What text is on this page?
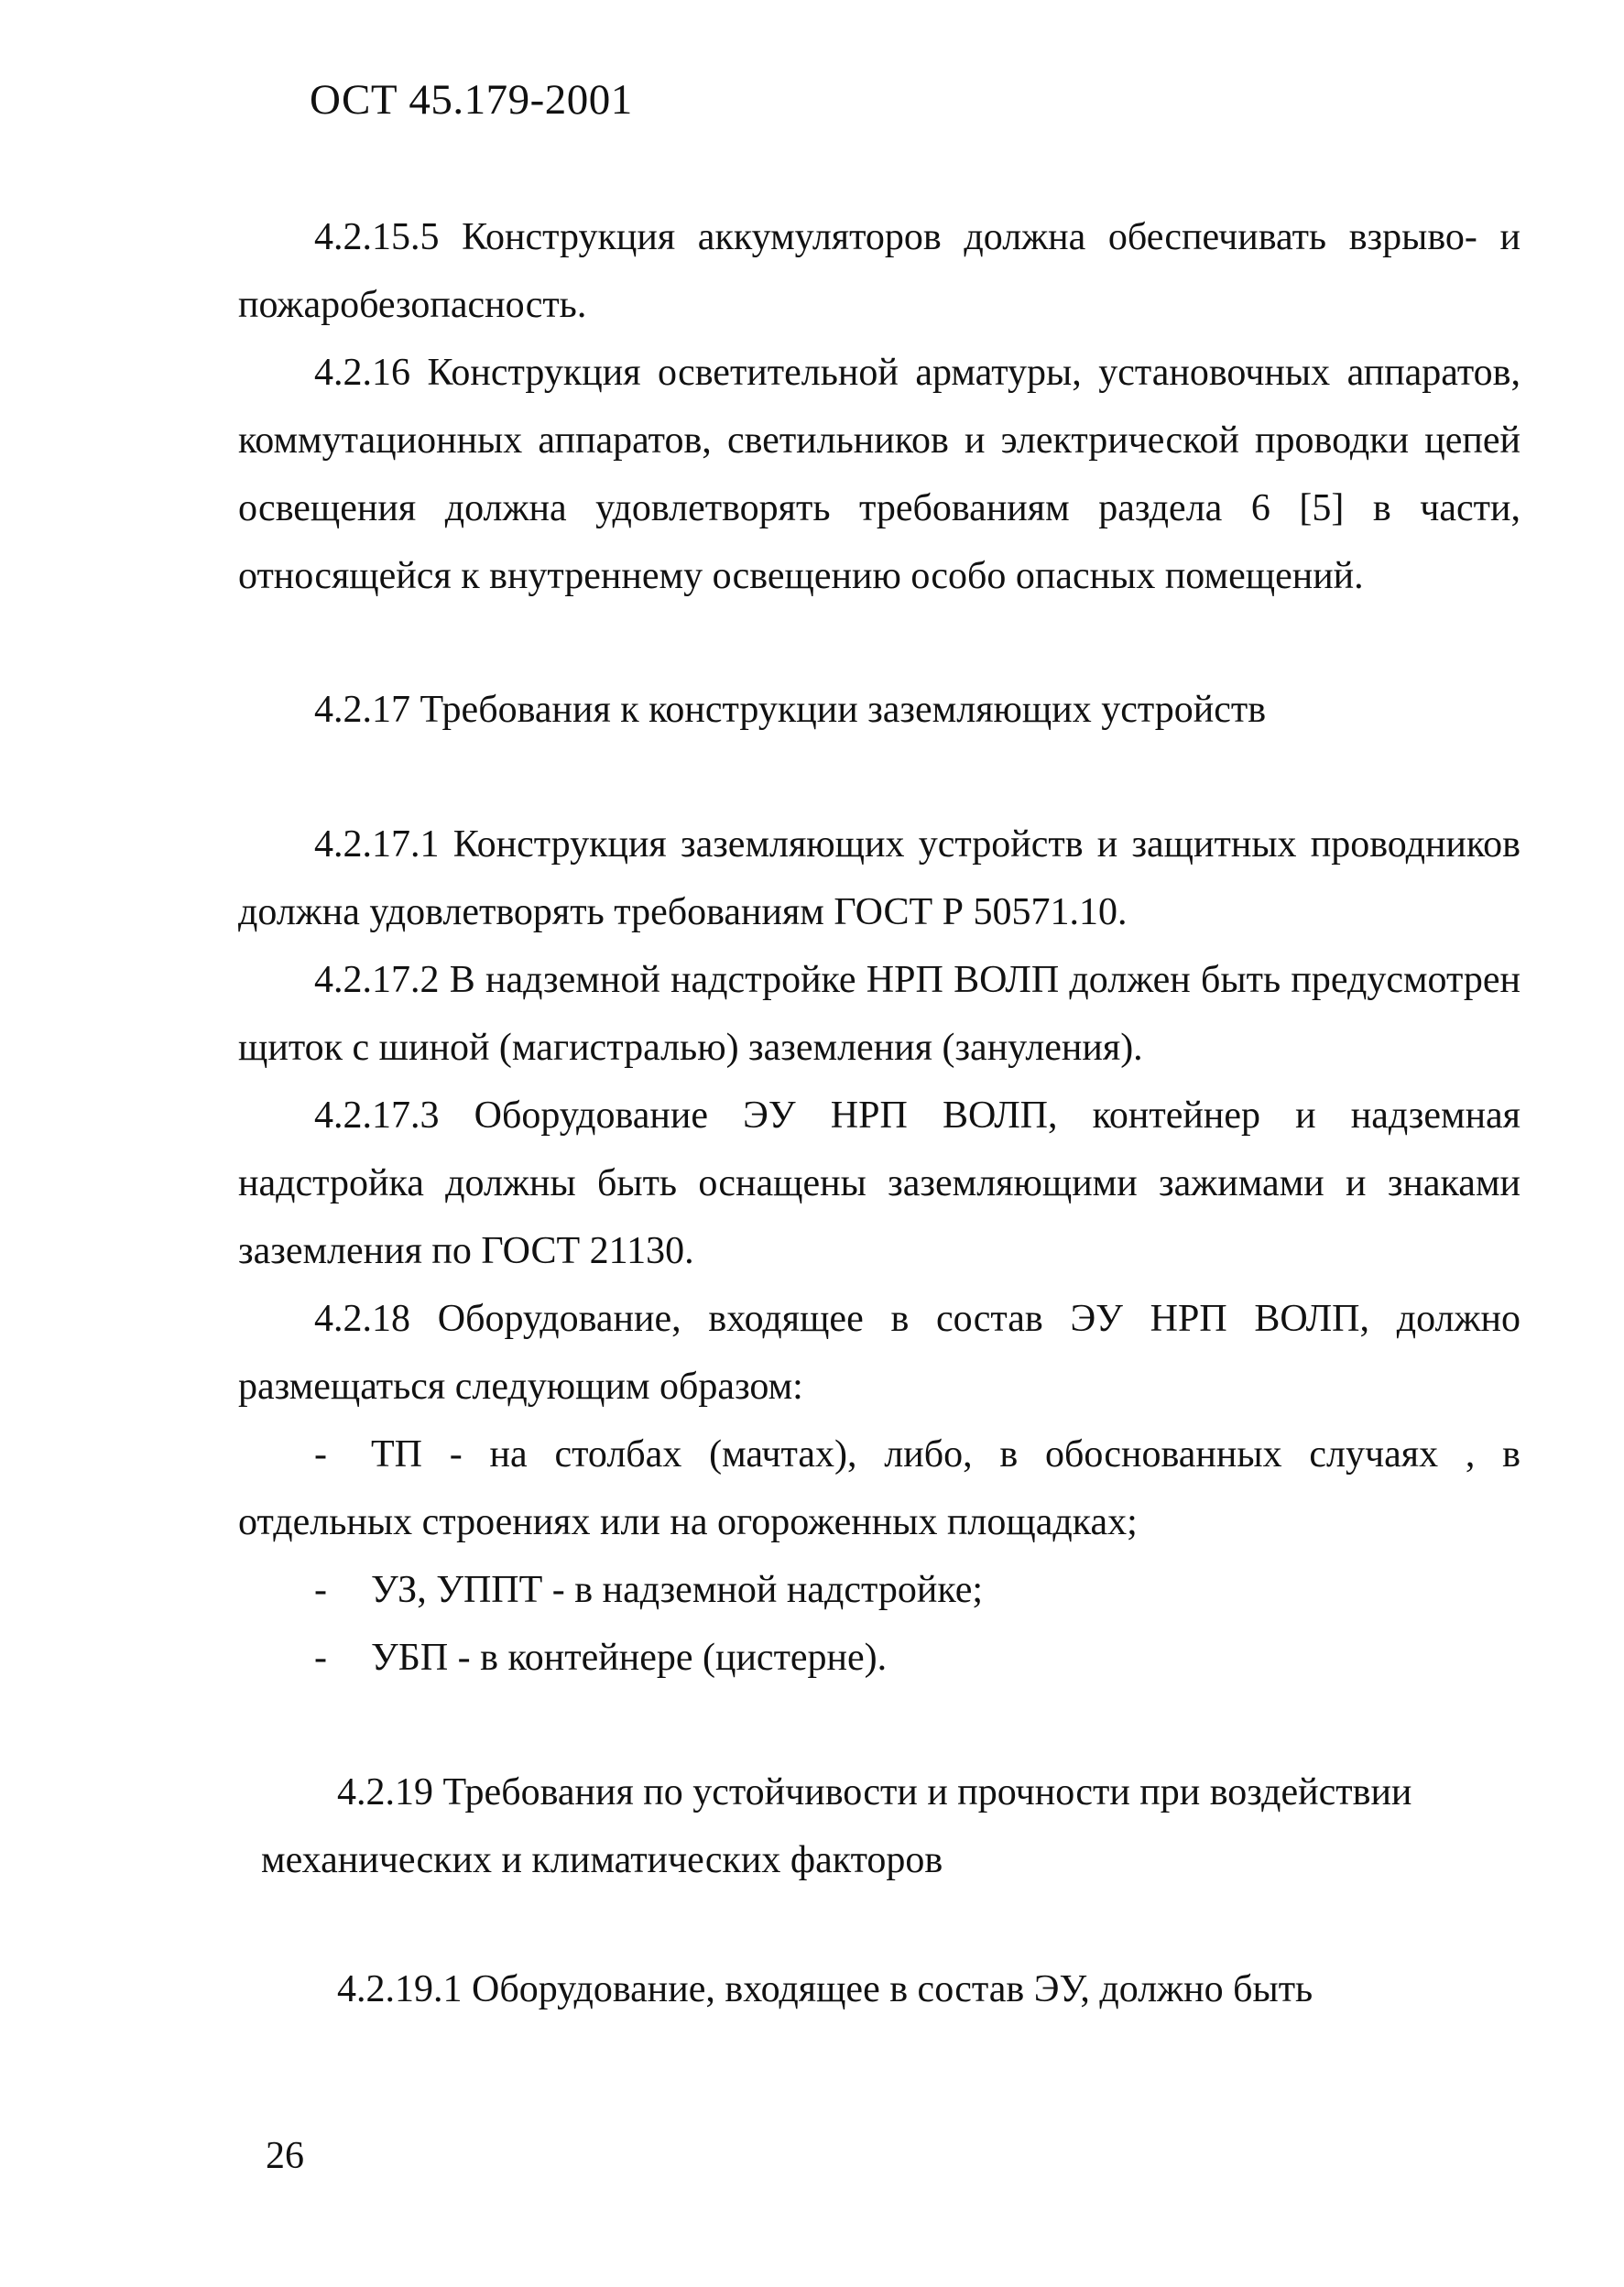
ОСТ 45.179-2001

4.2.15.5 Конструкция аккумуляторов должна обеспечивать взрыво- и пожаробезопасность.

4.2.16 Конструкция осветительной арматуры, установочных аппаратов, коммутационных аппаратов, светильников и электрической проводки цепей освещения должна удовлетворять требованиям раздела 6 [5] в части, относящейся к внутреннему освещению особо опасных помещений.

4.2.17 Требования к конструкции заземляющих устройств

4.2.17.1 Конструкция заземляющих устройств и защитных проводников должна удовлетворять требованиям ГОСТ Р 50571.10.

4.2.17.2 В надземной надстройке НРП ВОЛП должен быть предусмотрен щиток с шиной (магистралью) заземления (зануления).

4.2.17.3 Оборудование ЭУ НРП ВОЛП, контейнер и надземная надстройка должны быть оснащены заземляющими зажимами и знаками заземления по ГОСТ 21130.

4.2.18 Оборудование, входящее в состав ЭУ НРП ВОЛП, должно размещаться следующим образом:

- ТП - на столбах (мачтах), либо, в обоснованных случаях , в отдельных строениях или на огороженных площадках;

- УЗ, УППТ - в надземной надстройке;

- УБП - в контейнере (цистерне).

4.2.19 Требования по устойчивости и прочности при воздействии механических и климатических факторов

4.2.19.1 Оборудование, входящее в состав ЭУ, должно быть

26
